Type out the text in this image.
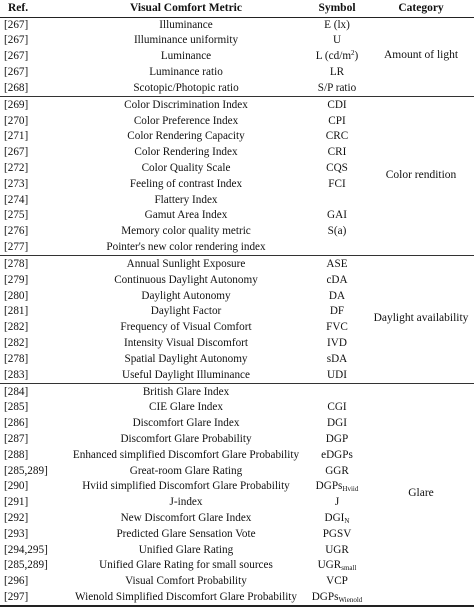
Ref.	Visual Comfort Metric	Symbol	Category
[267]	Illuminance	E (lx)
[267]	Illuminance uniformity	U
[267]	Luminance	L $(cd/m^2)$
[267]	Luminance ratio	LR
[268]	Scotopic/Photopic ratio	S/P ratio
Amount of light
[269]	Color Discrimination Index	CDI
[270]	Color Preference Index	CPI
[271]	Color Rendering Capacity	CRC
[267]	Color Rendering Index	CRI
[272]	Color Quality Scale	CQS
[273]	Feeling of contrast Index	FCI
[274]	Flattery Index
[275]	Gamut Area Index	GAI
[276]	Memory color quality metric	S(a)
[277]	Pointer's new color rendering index
Color rendition
[278]	Annual Sunlight Exposure	ASE
[279]	Continuous Daylight Autonomy	cDA
[280]	Daylight Autonomy	DA
[281]	Daylight Factor	DF
[282]	Frequency of Visual Comfort	FVC
[282]	Intensity Visual Discomfort	IVD
[278]	Spatial Daylight Autonomy	sDA
[283]	Useful Daylight Illuminance	UDI
Daylight availability
[284]	British Glare Index
[285]	CIE Glare Index	CGI
[286]	Discomfort Glare Index	DGI
[287]	Discomfort Glare Probability	DGP
[288]	Enhanced simplified Discomfort Glare Probability	eDGPs
[285,289]	Great-room Glare Rating	GGR
[290]	Hviid simplified Discomfort Glare Probability	DGPsHviid
[291]	J-index	J
[292]	New Discomfort Glare Index	DGIN
[293]	Predicted Glare Sensation Vote	PGSV
[294,295]	Unified Glare Rating	UGR
[285,289]	Unified Glare Rating for small sources	UGRsmall
[296]	Visual Comfort Probability	VCP
[297]	Wienold Simplified Discomfort Glare Probability	DGPsWienold
Glare
